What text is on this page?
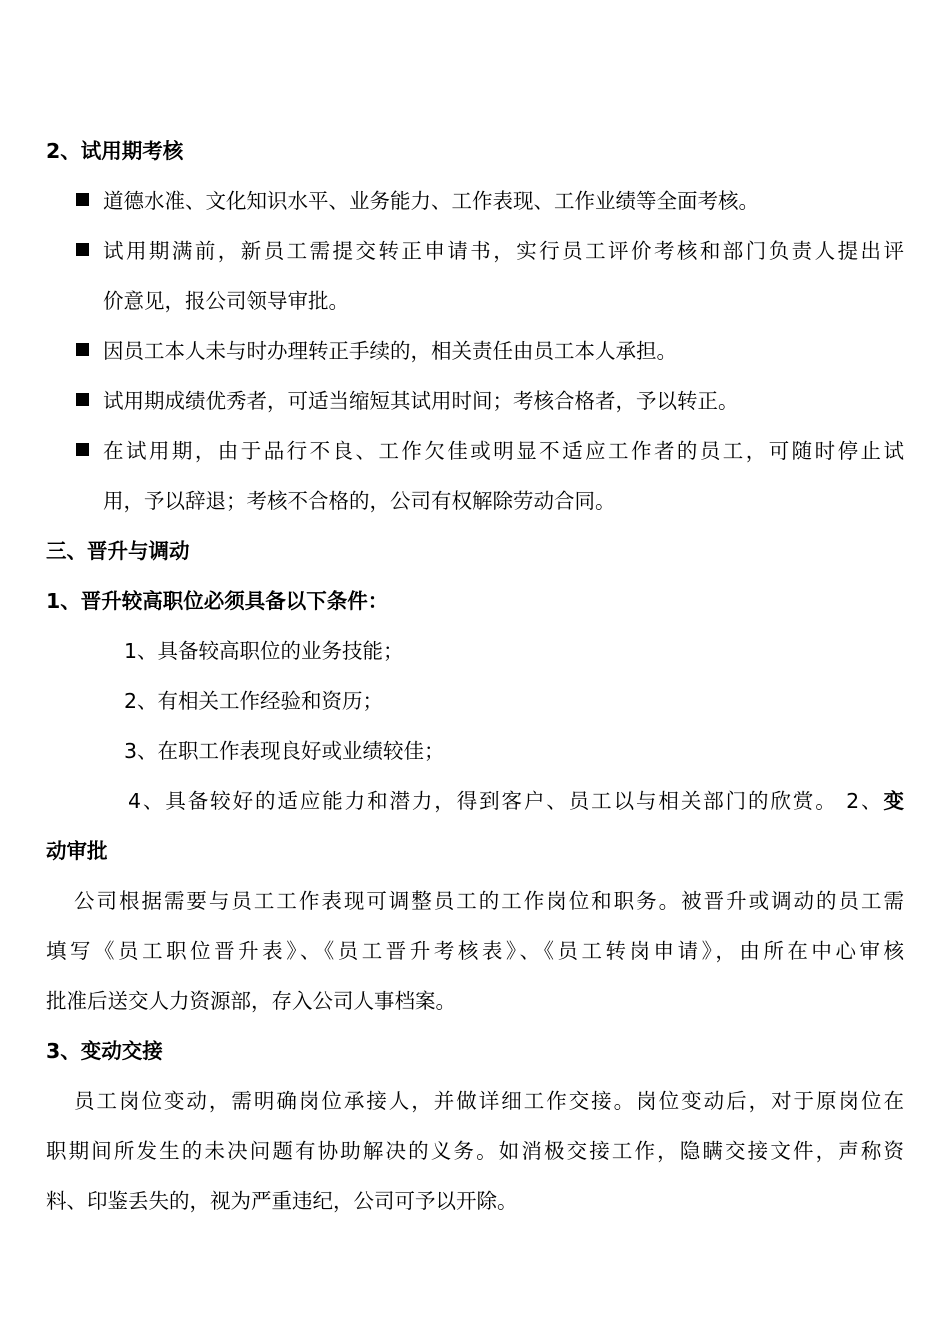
2、试用期考核
道德水准、文化知识水平、业务能力、工作表现、工作业绩等全面考核。
试用期满前，新员工需提交转正申请书，实行员工评价考核和部门负责人提出评
价意见，报公司领导审批。
因员工本人未与时办理转正手续的，相关责任由员工本人承担。
试用期成绩优秀者，可适当缩短其试用时间；考核合格者，予以转正。
在试用期，由于品行不良、工作欠佳或明显不适应工作者的员工，可随时停止试
用，予以辞退；考核不合格的，公司有权解除劳动合同。
三、晋升与调动
1、晋升较高职位必须具备以下条件：
1、具备较高职位的业务技能；
2、有相关工作经验和资历；
3、在职工作表现良好或业绩较佳；
4、具备较好的适应能力和潜力，得到客户、员工以与相关部门的欣赏。 2、变
动审批
公司根据需要与员工工作表现可调整员工的工作岗位和职务。被晋升或调动的员工需
填写《员工职位晋升表》、《员工晋升考核表》、《员工转岗申请》，由所在中心审核
批准后送交人力资源部，存入公司人事档案。
3、变动交接
员工岗位变动，需明确岗位承接人，并做详细工作交接。岗位变动后，对于原岗位在
职期间所发生的未决问题有协助解决的义务。如消极交接工作，隐瞒交接文件，声称资
料、印鉴丢失的，视为严重违纪，公司可予以开除。
